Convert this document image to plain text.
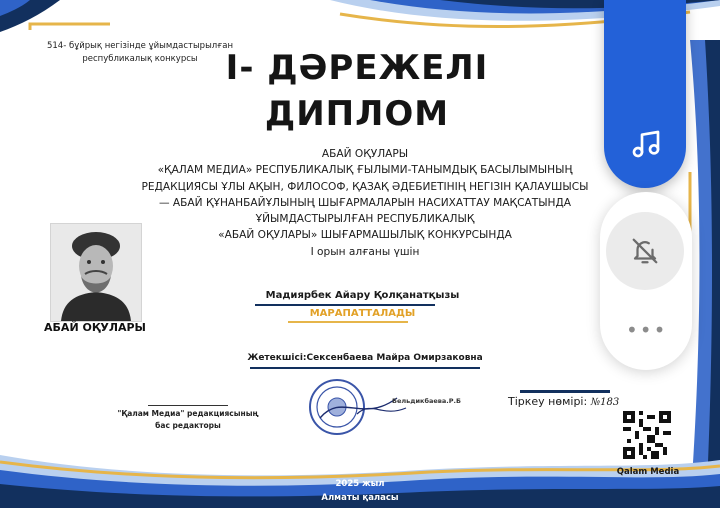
514- бұйрық негізінде ұйымдастырылған
республикалық конкурсы I- ДӘРЕЖЕЛІ
ДИПЛОМ
АБАЙ ОҚУЛАРЫ
«ҚАЛАМ МЕДИА» РЕСПУБЛИКАЛЫҚ ҒЫЛЫМИ-ТАНЫМДЫҚ БАСЫЛЫМЫНЫҢ
РЕДАКЦИЯСЫ ҰЛЫ АҚЫН, ФИЛОСОФ, ҚАЗАҚ ӘДЕБИЕТІНІҢ НЕГІЗІН ҚАЛАУШЫСЫ
— АБАЙ ҚҰНАНБАЙҰЛЫНЫҢ ШЫҒАРМАЛАРЫН НАСИХАТТАУ МАҚСАТЫНДА
ҰЙЫМДАСТЫРЫЛҒАН РЕСПУБЛИКАЛЫҚ
«АБАЙ ОҚУЛАРЫ» ШЫҒАРМАШЫЛЫҚ КОНКУРСЫНДА
I орын алғаны үшін
АБАЙ ОҚУЛАРЫ
Мадиярбек Айару Қолқанатқызы
МАРАПАТТАЛАДЫ
Жетекшісі:Сексенбаева Майра Омирзаковна
"Қалам Медиа" редакциясының
бас редакторы
Бельдикбаева.Р.Б	Тіркеу нөмірі: №183
Qalam Media
2025 жыл
Алматы қаласы
•••
